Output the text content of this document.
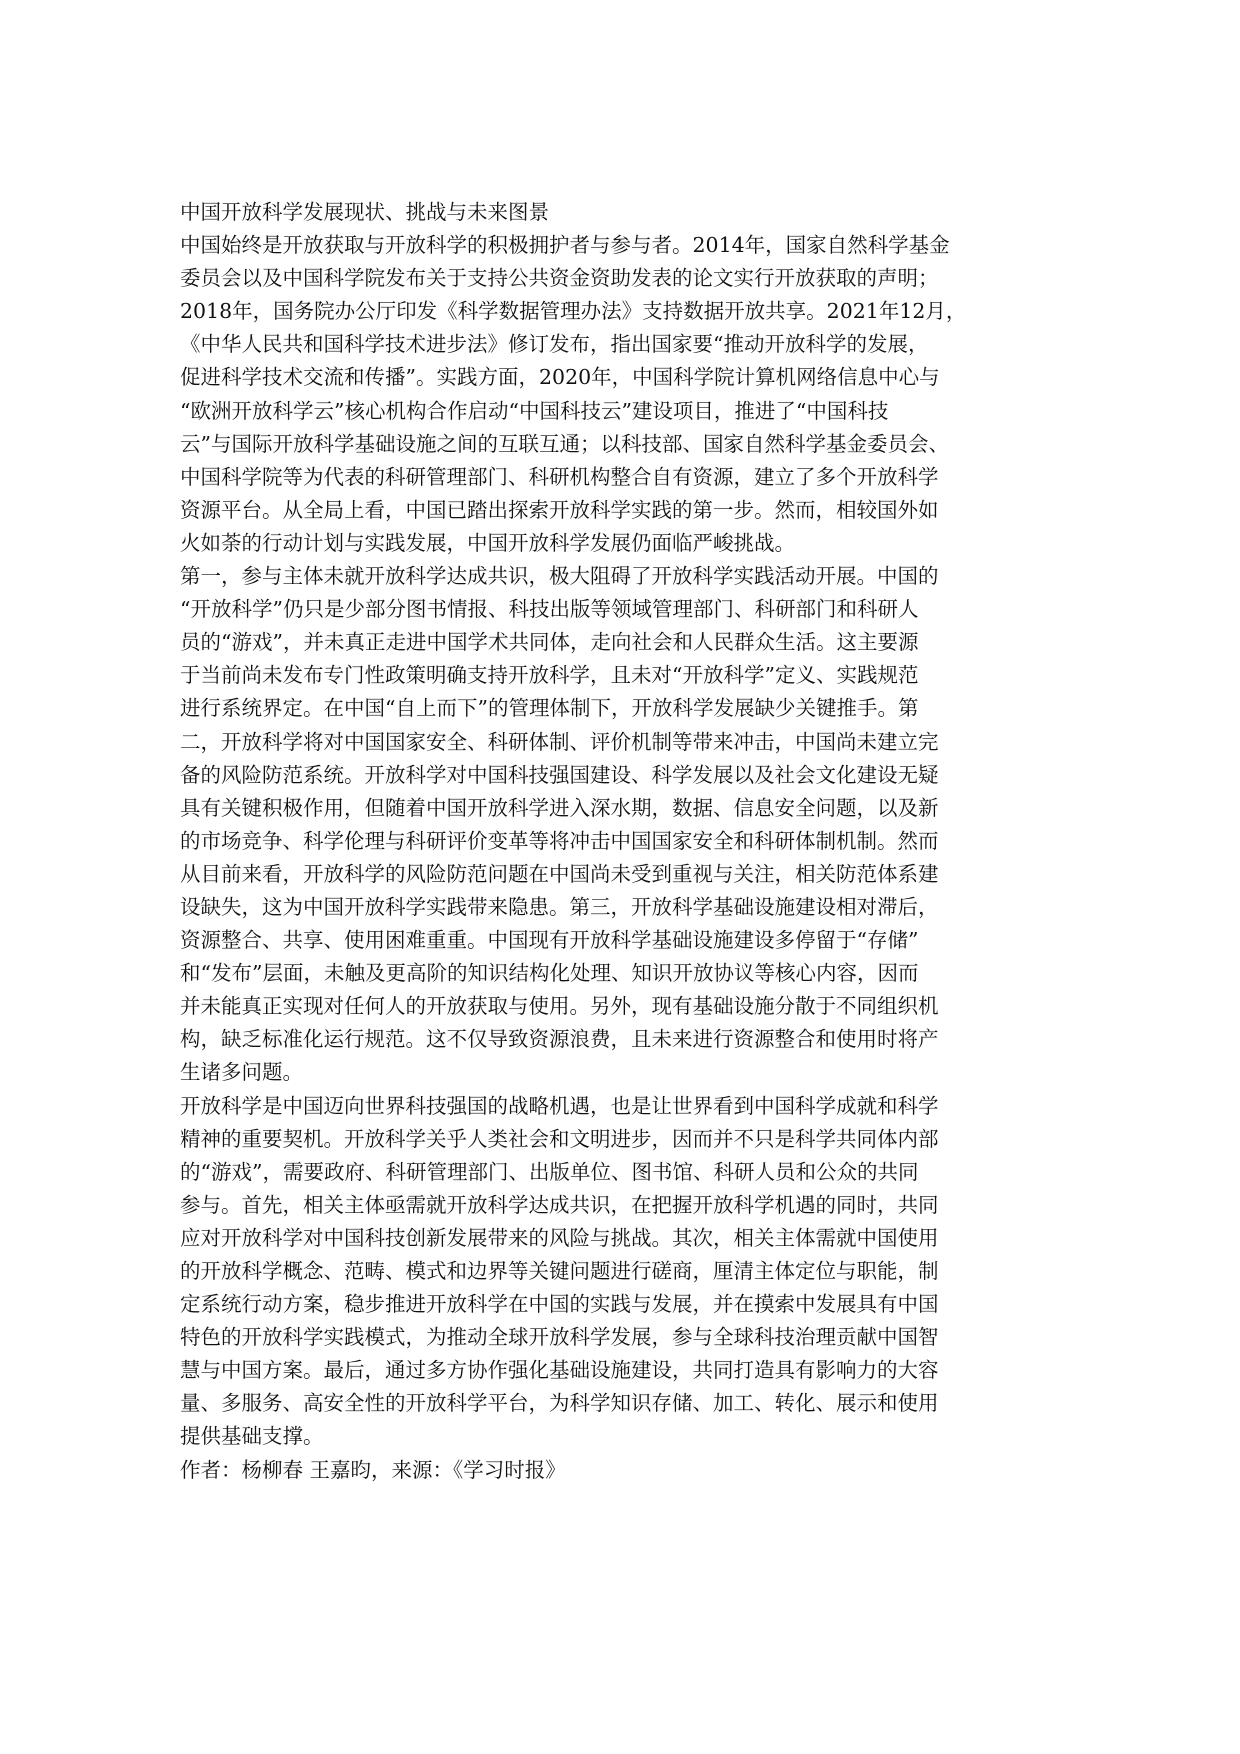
中国开放科学发展现状、挑战与未来图景

中国始终是开放获取与开放科学的积极拥护者与参与者。2014年，国家自然科学基金
委员会以及中国科学院发布关于支持公共资金资助发表的论文实行开放获取的声明；
2018年，国务院办公厅印发《科学数据管理办法》支持数据开放共享。2021年12月，
《中华人民共和国科学技术进步法》修订发布，指出国家要“推动开放科学的发展，
促进科学技术交流和传播”。实践方面，2020年，中国科学院计算机网络信息中心与
“欧洲开放科学云”核心机构合作启动“中国科技云”建设项目，推进了“中国科技
云”与国际开放科学基础设施之间的互联互通；以科技部、国家自然科学基金委员会、
中国科学院等为代表的科研管理部门、科研机构整合自有资源，建立了多个开放科学
资源平台。从全局上看，中国已踏出探索开放科学实践的第一步。然而，相较国外如
火如荼的行动计划与实践发展，中国开放科学发展仍面临严峻挑战。

第一，参与主体未就开放科学达成共识，极大阻碍了开放科学实践活动开展。中国的
“开放科学”仍只是少部分图书情报、科技出版等领域管理部门、科研部门和科研人
员的“游戏”，并未真正走进中国学术共同体，走向社会和人民群众生活。这主要源
于当前尚未发布专门性政策明确支持开放科学，且未对“开放科学”定义、实践规范
进行系统界定。在中国“自上而下”的管理体制下，开放科学发展缺少关键推手。第
二，开放科学将对中国国家安全、科研体制、评价机制等带来冲击，中国尚未建立完
备的风险防范系统。开放科学对中国科技强国建设、科学发展以及社会文化建设无疑
具有关键积极作用，但随着中国开放科学进入深水期，数据、信息安全问题，以及新
的市场竞争、科学伦理与科研评价变革等将冲击中国国家安全和科研体制机制。然而
从目前来看，开放科学的风险防范问题在中国尚未受到重视与关注，相关防范体系建
设缺失，这为中国开放科学实践带来隐患。第三，开放科学基础设施建设相对滞后，
资源整合、共享、使用困难重重。中国现有开放科学基础设施建设多停留于“存储”
和“发布”层面，未触及更高阶的知识结构化处理、知识开放协议等核心内容，因而
并未能真正实现对任何人的开放获取与使用。另外，现有基础设施分散于不同组织机
构，缺乏标准化运行规范。这不仅导致资源浪费，且未来进行资源整合和使用时将产
生诸多问题。

开放科学是中国迈向世界科技强国的战略机遇，也是让世界看到中国科学成就和科学
精神的重要契机。开放科学关乎人类社会和文明进步，因而并不只是科学共同体内部
的“游戏”，需要政府、科研管理部门、出版单位、图书馆、科研人员和公众的共同
参与。首先，相关主体亟需就开放科学达成共识，在把握开放科学机遇的同时，共同
应对开放科学对中国科技创新发展带来的风险与挑战。其次，相关主体需就中国使用
的开放科学概念、范畴、模式和边界等关键问题进行磋商，厘清主体定位与职能，制
定系统行动方案，稳步推进开放科学在中国的实践与发展，并在摸索中发展具有中国
特色的开放科学实践模式，为推动全球开放科学发展，参与全球科技治理贡献中国智
慧与中国方案。最后，通过多方协作强化基础设施建设，共同打造具有影响力的大容
量、多服务、高安全性的开放科学平台，为科学知识存储、加工、转化、展示和使用
提供基础支撑。

作者：杨柳春 王嘉昀，来源：《学习时报》
